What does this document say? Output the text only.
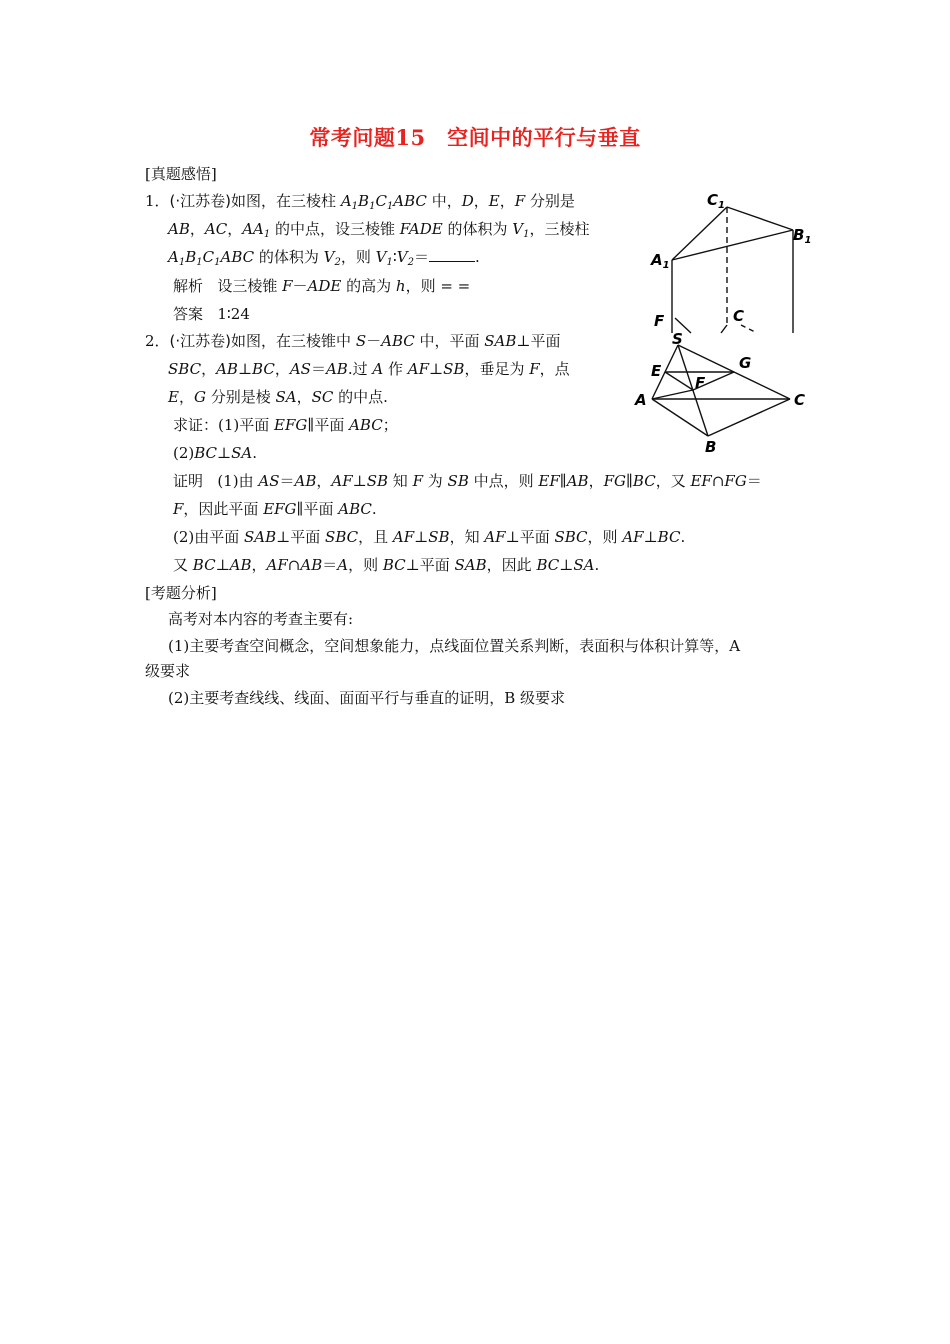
常考问题15　空间中的平行与垂直
[真题感悟]
1．(·江苏卷)如图，在三棱柱 $A_1B_1C_1ABC$ 中，D，E，F 分别是
AB，AC，$AA_1$ 的中点，设三棱锥 FADE 的体积为 $V_1$，三棱柱
$A_1B_1C_1ABC$ 的体积为 $V_2$，则 $V_1∶V_2=$	.
解析 设三棱锥 F－ADE 的高为 h，则 = =
答案 1∶24
2．(·江苏卷)如图，在三棱锥中 S－ABC 中，平面 SAB⊥平面
SBC，AB⊥BC，AS＝AB.过 A 作 AF⊥SB，垂足为 F，点
E，G 分别是棱 SA，SC 的中点.
求证：(1)平面 EFG∥平面 ABC；
(2)BC⊥SA.
证明 (1)由 AS＝AB，AF⊥SB 知 F 为 SB 中点，则 EF∥AB，FG∥BC，又 EF∩FG＝
F，因此平面 EFG∥平面 ABC.
(2)由平面 SAB⊥平面 SBC，且 AF⊥SB，知 AF⊥平面 SBC，则 AF⊥BC.
又 BC⊥AB，AF∩AB＝A，则 BC⊥平面 SAB，因此 BC⊥SA.
[考题分析]
高考对本内容的考查主要有:
(1)主要考查空间概念，空间想象能力，点线面位置关系判断，表面积与体积计算等，A
级要求
(2)主要考查线线、线面、面面平行与垂直的证明，B 级要求
$C_1$
$B_1$
$A_1$
F	C
S
E	G
F
A	C
B
